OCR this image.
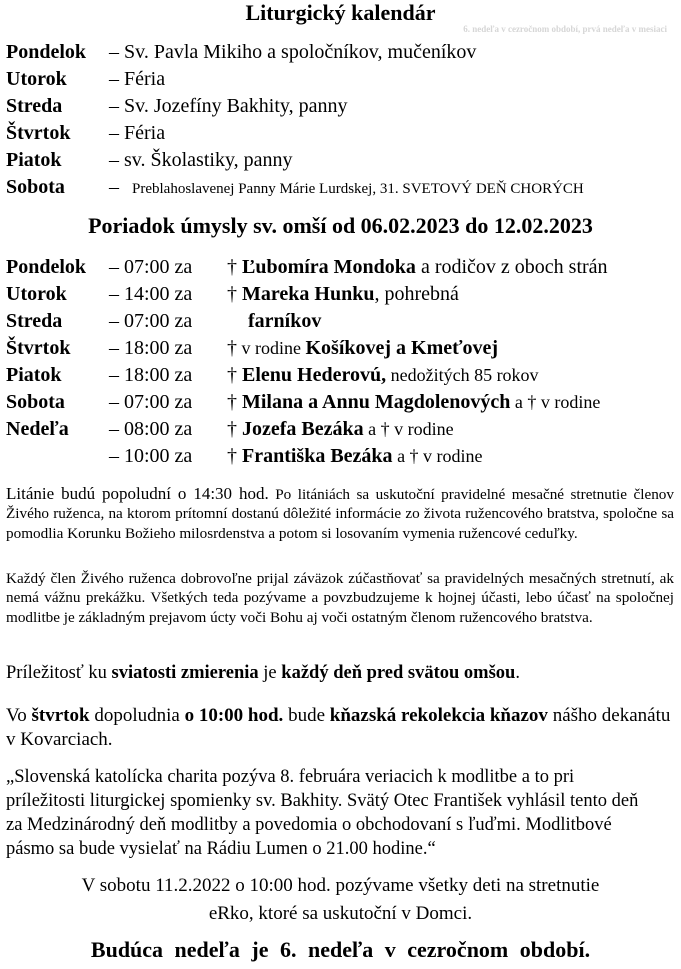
Liturgický kalendár
6. nedeľa v cezročnom období, prvá nedeľa v mesiaci
Pondelok – Sv. Pavla Mikiho a spoločníkov, mučeníkov
Utorok – Féria
Streda – Sv. Jozefíny Bakhity, panny
Štvrtok – Féria
Piatok – sv. Školastiky, panny
Sobota – Preblahoslavenej Panny Márie Lurdskej, 31. SVETOVÝ DEŇ CHORÝCH
Poriadok úmysly sv. omší od 06.02.2023 do 12.02.2023
Pondelok – 07:00 za † Ľubomíra Mondoka a rodičov z oboch strán
Utorok – 14:00 za † Mareka Hunku, pohrebná
Streda – 07:00 za	farníkov
Štvrtok – 18:00 za † v rodine Košíkovej a Kmeťovej
Piatok – 18:00 za † Elenu Hederovú, nedožitých 85 rokov
Sobota – 07:00 za † Milana a Annu Magdolenových a † v rodine
Nedeľa – 08:00 za † Jozefa Bezáka a † v rodine
– 10:00 za † Františka Bezáka a † v rodine
Litánie budú popoludní o 14:30 hod. Po litániách sa uskutoční pravidelné mesačné stretnutie členov Živého ruženca, na ktorom prítomní dostanú dôležité informácie zo života ružencového bratstva, spoločne sa pomodlia Korunku Božieho milosrdenstva a potom si losovaním vymenia ružencové ceduľky.
Každý člen Živého ruženca dobrovoľne prijal záväzok zúčastňovať sa pravidelných mesačných stretnutí, ak nemá vážnu prekážku. Všetkých teda pozývame a povzbudzujeme k hojnej účasti, lebo účasť na spoločnej modlitbe je základným prejavom úcty voči Bohu aj voči ostatným členom ružencového bratstva.
Príležitosť ku sviatosti zmierenia je každý deň pred svätou omšou.
Vo štvrtok dopoludnia o 10:00 hod. bude kňazská rekolekcia kňazov nášho dekanátu v Kovarciach.
„Slovenská katolícka charita pozýva 8. februára veriacich k modlitbe a to pri príležitosti liturgickej spomienky sv. Bakhity. Svätý Otec František vyhlásil tento deň za Medzinárodný deň modlitby a povedomia o obchodovaní s ľuďmi. Modlitbové pásmo sa bude vysielať na Rádiu Lumen o 21.00 hodine.“
V sobotu 11.2.2022 o 10:00 hod. pozývame všetky deti na stretnutie
eRko, ktoré sa uskutoční v Domci.
Budúca nedeľa je 6. nedeľa v cezročnom období.
